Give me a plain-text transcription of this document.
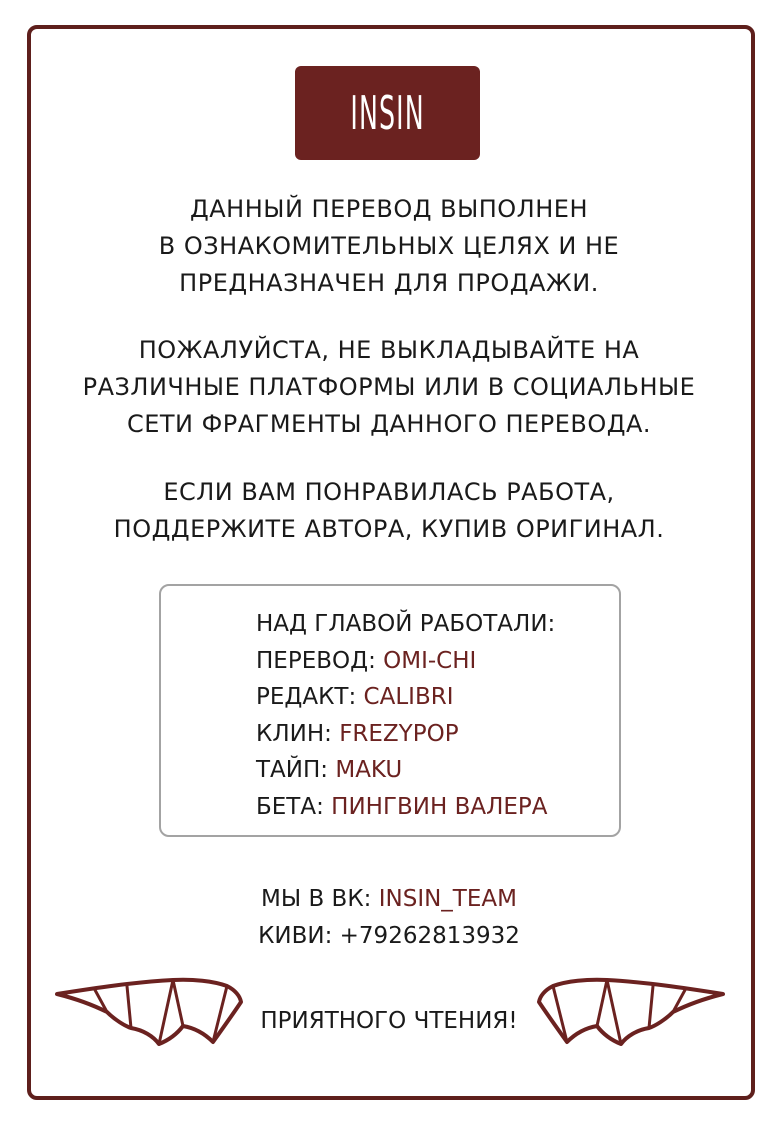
INSIN
ДАННЫЙ ПЕРЕВОД ВЫПОЛНЕН
В ОЗНАКОМИТЕЛЬНЫХ ЦЕЛЯХ И НЕ
ПРЕДНАЗНАЧЕН ДЛЯ ПРОДАЖИ.
ПОЖАЛУЙСТА, НЕ ВЫКЛАДЫВАЙТЕ НА
РАЗЛИЧНЫЕ ПЛАТФОРМЫ ИЛИ В СОЦИАЛЬНЫЕ
СЕТИ ФРАГМЕНТЫ ДАННОГО ПЕРЕВОДА.
ЕСЛИ ВАМ ПОНРАВИЛАСЬ РАБОТА,
ПОДДЕРЖИТЕ АВТОРА, КУПИВ ОРИГИНАЛ.
НАД ГЛАВОЙ РАБОТАЛИ:
ПЕРЕВОД: OMI-CHI
РЕДАКТ: CALIBRI
КЛИН: FREZYPOP
ТАЙП: MAKU
БЕТА: ПИНГВИН ВАЛЕРА
МЫ В ВК: INSIN_TEAM
КИВИ: +79262813932
ПРИЯТНОГО ЧТЕНИЯ!
